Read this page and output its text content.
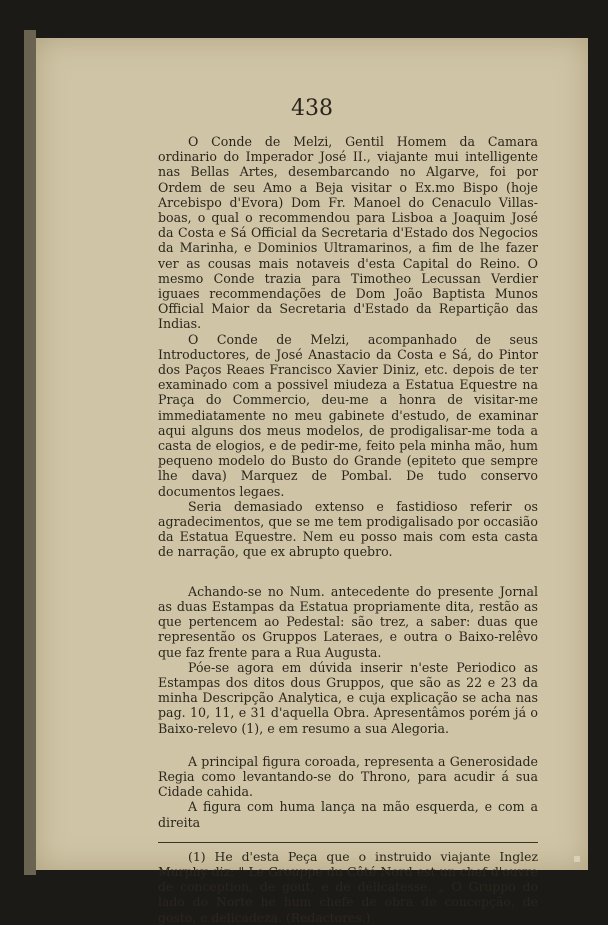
438

O Conde de Melzi, Gentil Homem da Camara ordinario do Imperador José II., viajante mui intelligente nas Bellas Artes, desembarcando no Algarve, foi por Ordem de seu Amo a Beja visitar o Ex.mo Bispo (hoje Arcebispo d'Evora) Dom Fr. Manoel do Cenaculo Villas-boas, o qual o recommendou para Lisboa a Joaquim José da Costa e Sá Official da Secretaria d'Estado dos Negocios da Marinha, e Dominios Ultramarinos, a fim de lhe fazer ver as cousas mais notaveis d'esta Capital do Reino. O mesmo Conde trazia para Timotheo Lecussan Verdier iguaes recommendações de Dom João Baptista Munos Official Maior da Secretaria d'Estado da Repartição das Indias.

O Conde de Melzi, acompanhado de seus Introductores, de José Anastacio da Costa e Sá, do Pintor dos Paços Reaes Francisco Xavier Diniz, etc. depois de ter examinado com a possivel miudeza a Estatua Equestre na Praça do Commercio, deu-me a honra de visitar-me immediatamente no meu gabinete d'estudo, de examinar aqui alguns dos meus modelos, de prodigalisar-me toda a casta de elogios, e de pedir-me, feito pela minha mão, hum pequeno modelo do Busto do Grande (epiteto que sempre lhe dava) Marquez de Pombal. De tudo conservo documentos legaes.

Seria demasiado extenso e fastidioso referir os agradecimentos, que se me tem prodigalisado por occasião da Estatua Equestre. Nem eu posso mais com esta casta de narração, que ex abrupto quebro.

Achando-se no Num. antecedente do presente Jornal as duas Estampas da Estatua propriamente dita, restão as que pertencem ao Pedestal: são trez, a saber: duas que representão os Gruppos Lateraes, e outra o Baixo-relêvo que faz frente para a Rua Augusta.

Póe-se agora em dúvida inserir n'este Periodico as Estampas dos ditos dous Gruppos, que são as 22 e 23 da minha Descripção Analytica, e cuja explicação se acha nas pag. 10, 11, e 31 d'aquella Obra. Apresentâmos porém já o Baixo-relevo (1), e em resumo a sua Alegoria.

A principal figura coroada, representa a Generosidade Regia como levantando-se do Throno, para acudir á sua Cidade cahida.

A figura com huma lança na mão esquerda, e com a direita

(1) He d'esta Peça que o instruido viajante Inglez Murphy diz: " Le Grouppe du Côté Nord est un chef d'ouvre de conception, de gout, e de délicatesse. „ O Gruppo do lado do Norte he hum chefe de obra de concepção, de gosto, e delicadeza. (Redactores.)
